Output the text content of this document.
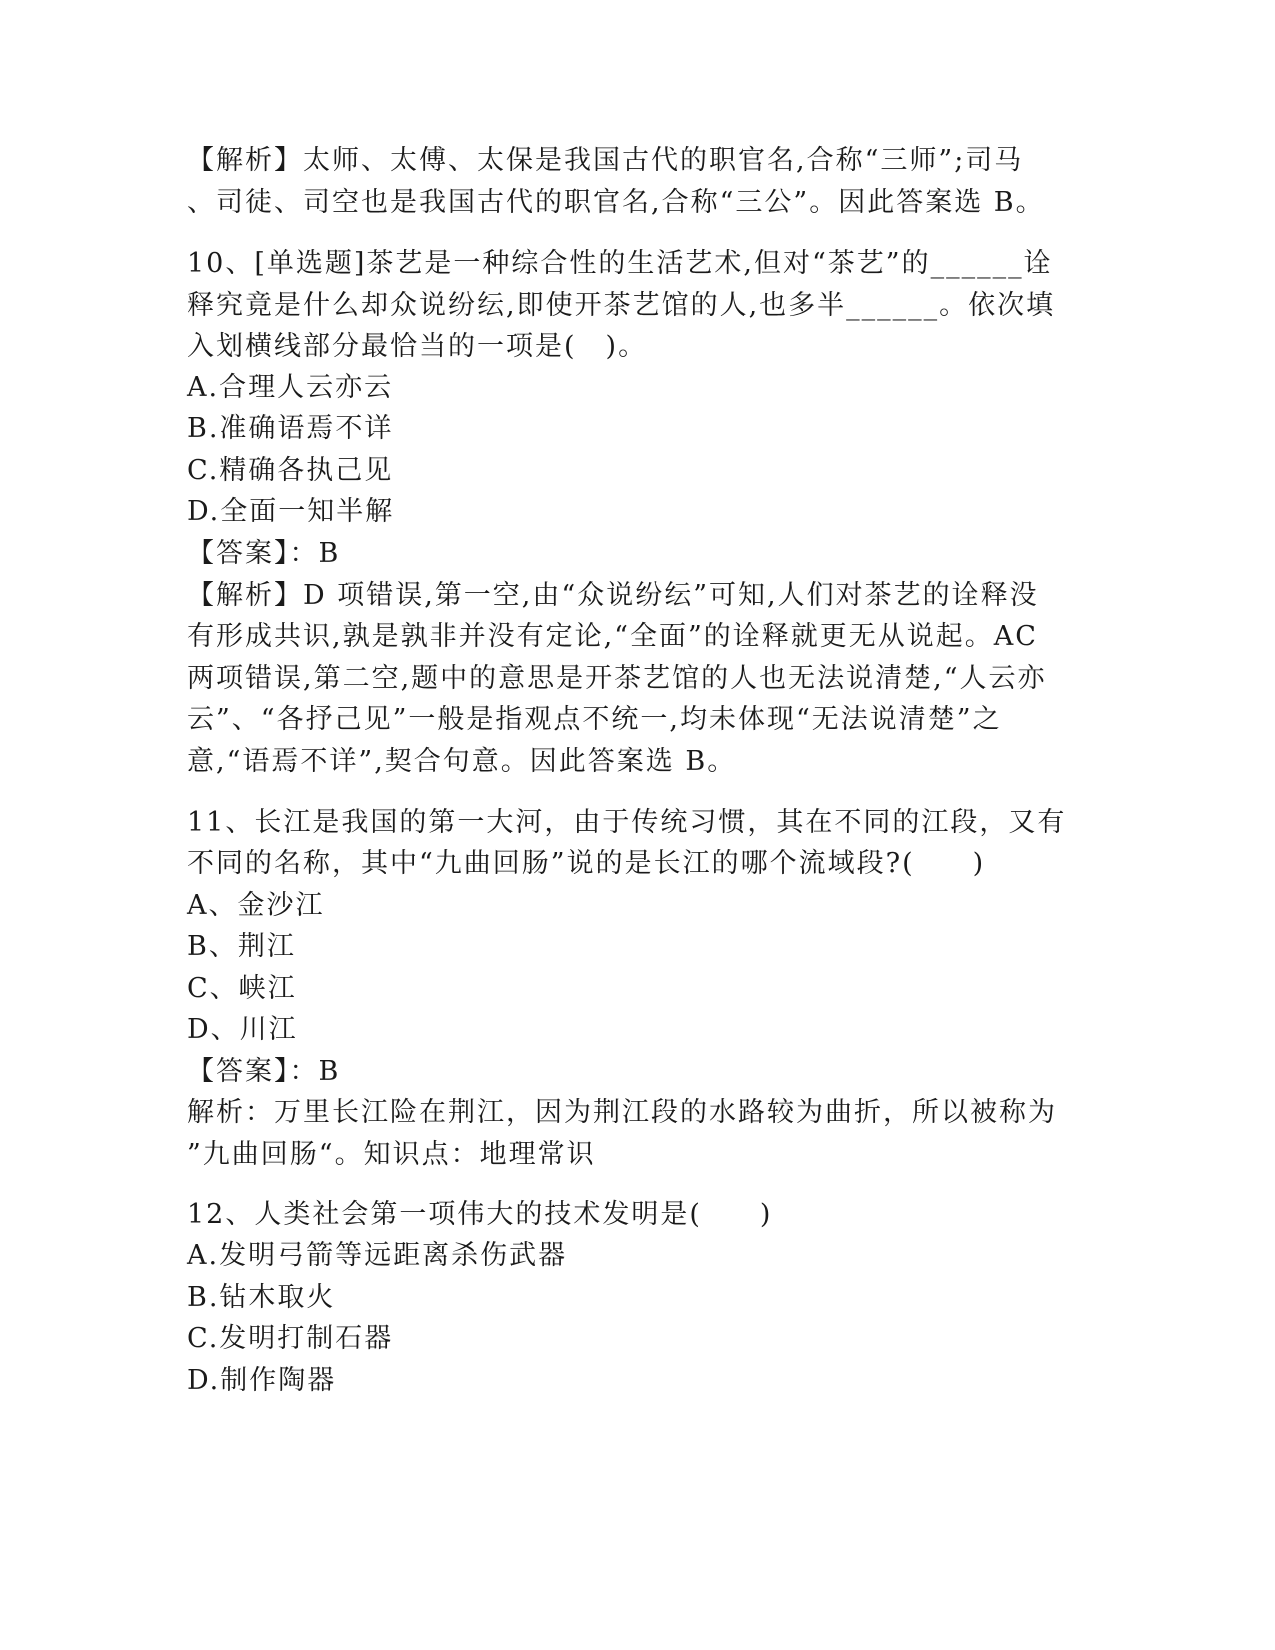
【解析】太师、太傅、太保是我国古代的职官名,合称“三师”;司马
、司徒、司空也是我国古代的职官名,合称“三公”。因此答案选 B。
10、[单选题]茶艺是一种综合性的生活艺术,但对“茶艺”的______诠
释究竟是什么却众说纷纭,即使开茶艺馆的人,也多半______。依次填
入划横线部分最恰当的一项是(　)。
A.合理人云亦云
B.准确语焉不详
C.精确各执己见
D.全面一知半解
【答案】：B
【解析】D 项错误,第一空,由“众说纷纭”可知,人们对茶艺的诠释没
有形成共识,孰是孰非并没有定论,“全面”的诠释就更无从说起。AC
两项错误,第二空,题中的意思是开茶艺馆的人也无法说清楚,“人云亦
云”、“各抒己见”一般是指观点不统一,均未体现“无法说清楚”之
意,“语焉不详”,契合句意。因此答案选 B。
11、长江是我国的第一大河，由于传统习惯，其在不同的江段，又有
不同的名称，其中“九曲回肠”说的是长江的哪个流域段?(　　)
A、金沙江
B、荆江
C、峡江
D、川江
【答案】：B
解析：万里长江险在荆江，因为荆江段的水路较为曲折，所以被称为
”九曲回肠“。知识点：地理常识
12、人类社会第一项伟大的技术发明是(　　)
A.发明弓箭等远距离杀伤武器
B.钻木取火
C.发明打制石器
D.制作陶器
